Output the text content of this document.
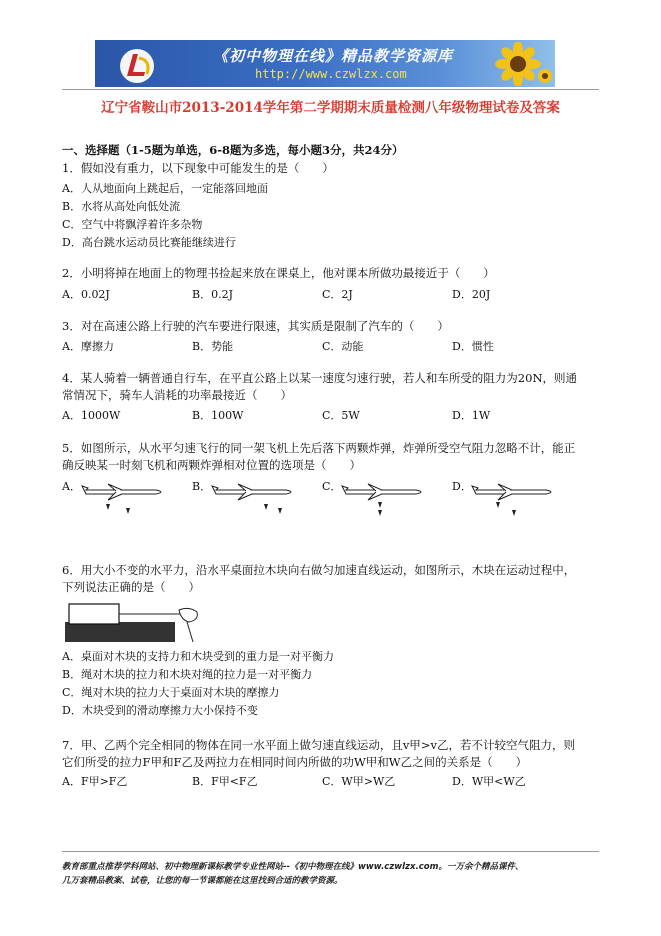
《初中物理在线》精品教学资源库
http://www.czwlzx.com
辽宁省鞍山市2013-2014学年第二学期期末质量检测八年级物理试卷及答案
一、选择题（1-5题为单选，6-8题为多选，每小题3分，共24分）
1．假如没有重力，以下现象中可能发生的是（　　）
A．人从地面向上跳起后，一定能落回地面
B．水将从高处向低处流
C．空气中将飘浮着许多杂物
D．高台跳水运动员比赛能继续进行
2．小明将掉在地面上的物理书捡起来放在课桌上，他对课本所做功最接近于（　　）
A．0.02J	B．0.2J	C．2J	D．20J
3．对在高速公路上行驶的汽车要进行限速，其实质是限制了汽车的（　　）
A．摩擦力	B．势能	C．动能	D．惯性
4．某人骑着一辆普通自行车，在平直公路上以某一速度匀速行驶，若人和车所受的阻力为20N，则通
常情况下，骑车人消耗的功率最接近（　　）
A．1000W	B．100W	C．5W	D．1W
5．如图所示，从水平匀速飞行的同一架飞机上先后落下两颗炸弹，炸弹所受空气阻力忽略不计，能正
确反映某一时刻飞机和两颗炸弹相对位置的选项是（　　）
A．	B．	C．	D．
6．用大小不变的水平力，沿水平桌面拉木块向右做匀加速直线运动，如图所示，木块在运动过程中，
下列说法正确的是（　　）
A．桌面对木块的支持力和木块受到的重力是一对平衡力
B．绳对木块的拉力和木块对绳的拉力是一对平衡力
C．绳对木块的拉力大于桌面对木块的摩擦力
D．木块受到的滑动摩擦力大小保持不变
7．甲、乙两个完全相同的物体在同一水平面上做匀速直线运动，且v甲>v乙，若不计较空气阻力，则
它们所受的拉力F甲和F乙及两拉力在相同时间内所做的功W甲和W乙之间的关系是（　　）
A．F甲>F乙	B．F甲<F乙	C．W甲>W乙	D．W甲<W乙
教育部重点推荐学科网站、初中物理新课标教学专业性网站--《初中物理在线》www.czwlzx.com。一万余个精品课件、
几万套精品教案、试卷，让您的每一节课都能在这里找到合适的教学资源。
